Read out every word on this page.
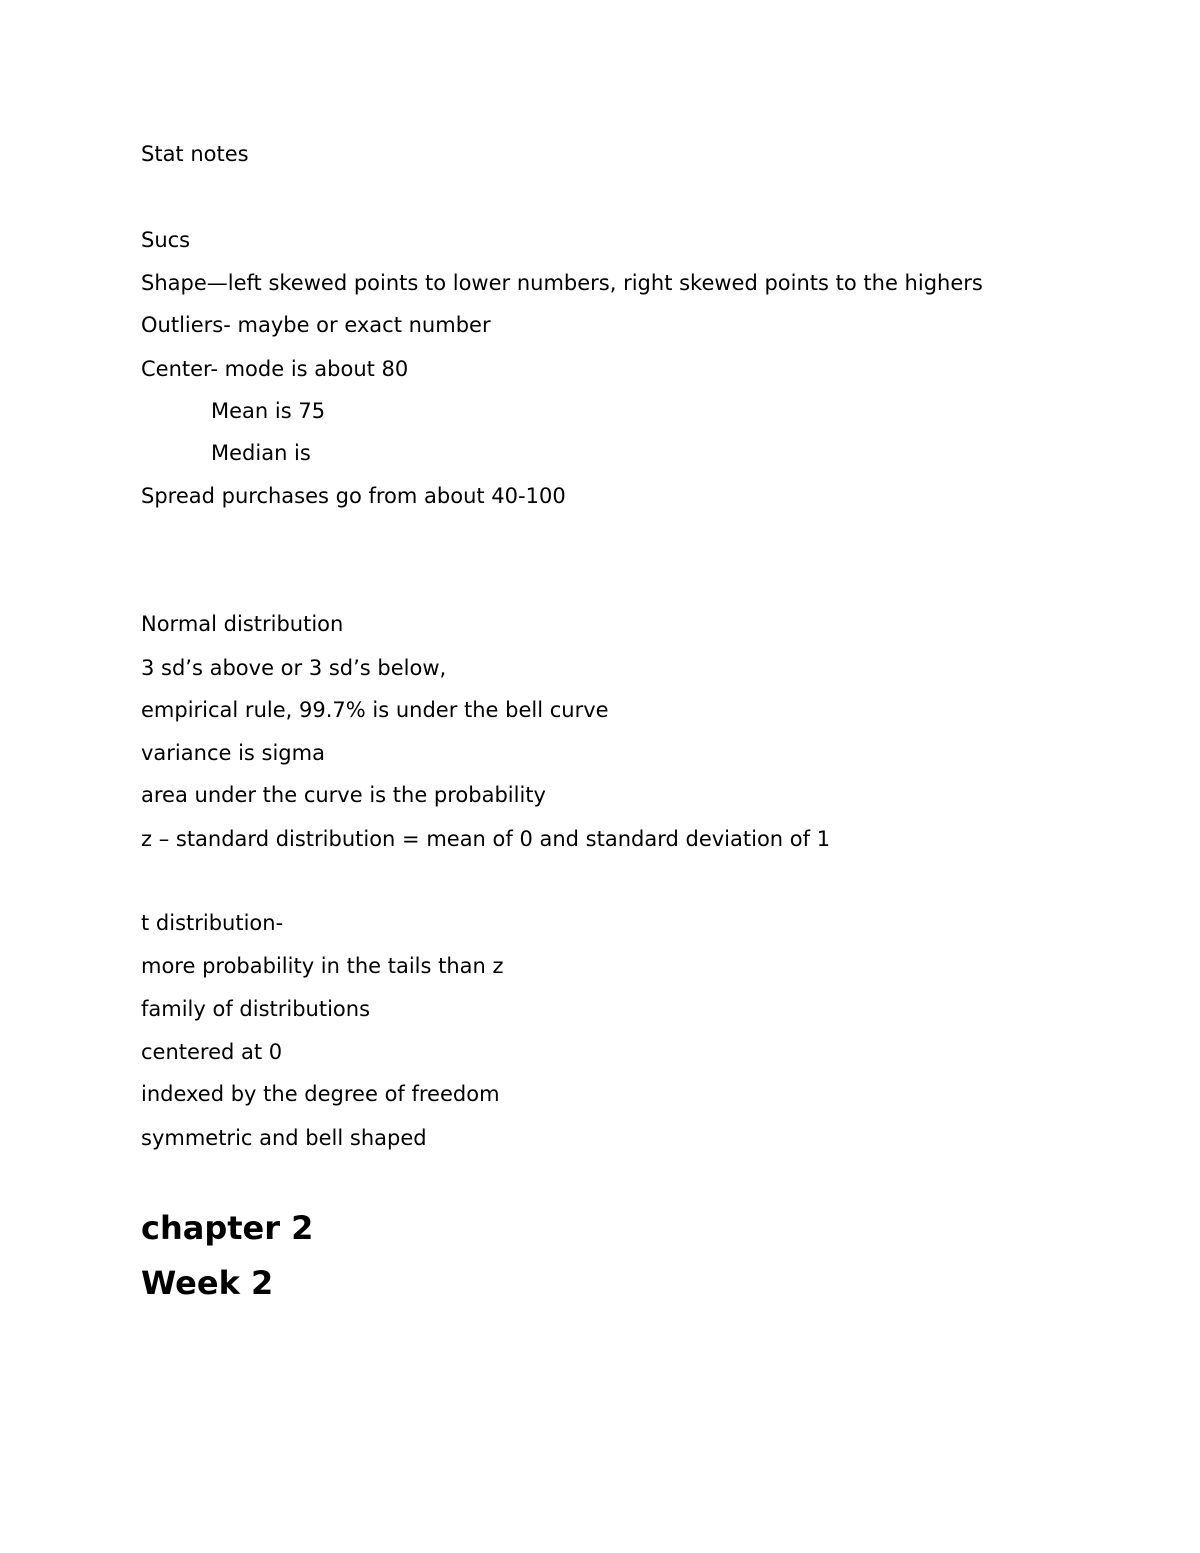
Stat notes
Sucs
Shape—left skewed points to lower numbers, right skewed points to the highers
Outliers- maybe or exact number
Center- mode is about 80
Mean is 75
Median is
Spread purchases go from about 40-100
Normal distribution
3 sd’s above or 3 sd’s below,
empirical rule, 99.7% is under the bell curve
variance is sigma
area under the curve is the probability
z – standard distribution = mean of 0 and standard deviation of 1
t distribution-
more probability in the tails than z
family of distributions
centered at 0
indexed by the degree of freedom
symmetric and bell shaped
chapter 2
Week 2
